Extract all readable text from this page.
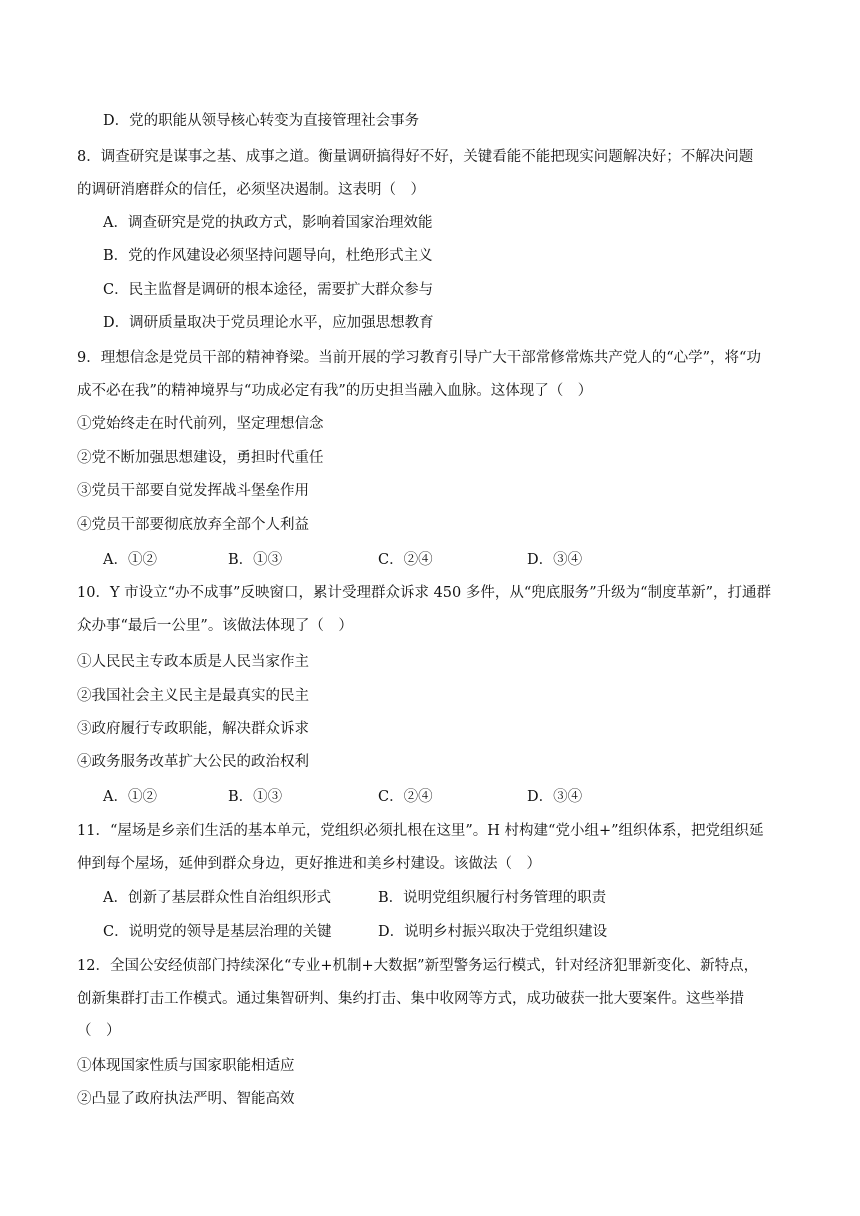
D．党的职能从领导核心转变为直接管理社会事务
8．调查研究是谋事之基、成事之道。衡量调研搞得好不好，关键看能不能把现实问题解决好；不解决问题
的调研消磨群众的信任，必须坚决遏制。这表明（　）
A．调查研究是党的执政方式，影响着国家治理效能
B．党的作风建设必须坚持问题导向，杜绝形式主义
C．民主监督是调研的根本途径，需要扩大群众参与
D．调研质量取决于党员理论水平，应加强思想教育
9．理想信念是党员干部的精神脊梁。当前开展的学习教育引导广大干部常修常炼共产党人的“心学”，将“功
成不必在我”的精神境界与“功成必定有我”的历史担当融入血脉。这体现了（　）
①党始终走在时代前列，坚定理想信念
②党不断加强思想建设，勇担时代重任
③党员干部要自觉发挥战斗堡垒作用
④党员干部要彻底放弃全部个人利益
A．①②	B．①③	C．②④	D．③④
10．Y 市设立“办不成事”反映窗口，累计受理群众诉求 450 多件，从“兜底服务”升级为“制度革新”，打通群
众办事“最后一公里”。该做法体现了（　）
①人民民主专政本质是人民当家作主
②我国社会主义民主是最真实的民主
③政府履行专政职能，解决群众诉求
④政务服务改革扩大公民的政治权利
A．①②	B．①③	C．②④	D．③④
11．“屋场是乡亲们生活的基本单元，党组织必须扎根在这里”。H 村构建“党小组+”组织体系，把党组织延
伸到每个屋场，延伸到群众身边，更好推进和美乡村建设。该做法（　）
A．创新了基层群众性自治组织形式	B．说明党组织履行村务管理的职责
C．说明党的领导是基层治理的关键	D．说明乡村振兴取决于党组织建设
12．全国公安经侦部门持续深化“专业+机制+大数据”新型警务运行模式，针对经济犯罪新变化、新特点，
创新集群打击工作模式。通过集智研判、集约打击、集中收网等方式，成功破获一批大要案件。这些举措
（　）
①体现国家性质与国家职能相适应
②凸显了政府执法严明、智能高效
